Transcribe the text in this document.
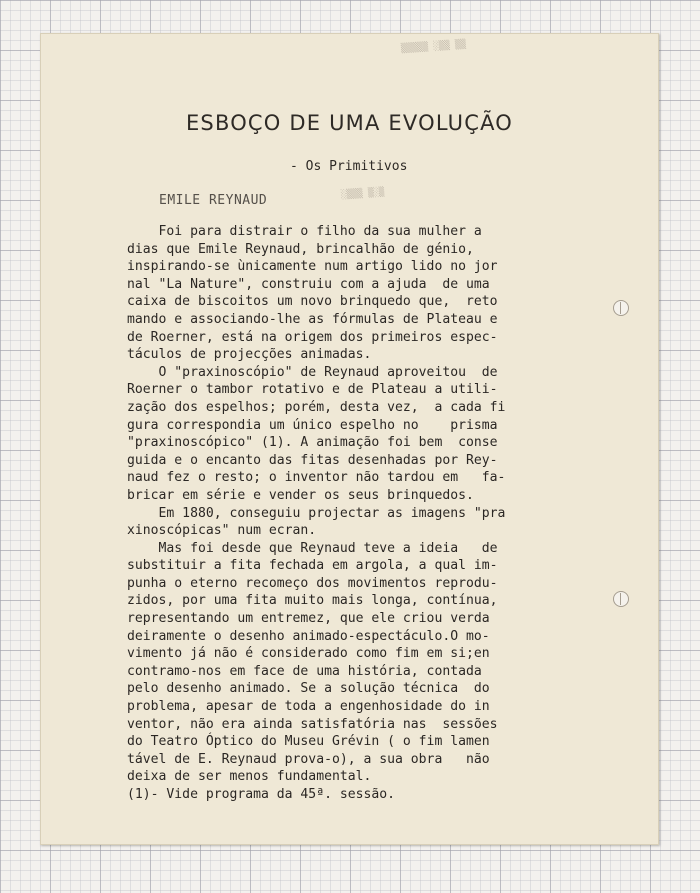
▒▒▒▒▒ ░▒▒ ▒▒
░▒▒▒ ▒░▒
ESBOÇO DE UMA EVOLUÇÃO
- Os Primitivos
EMILE REYNAUD
Foi para distrair o filho da sua mulher a
dias que Emile Reynaud, brincalhão de génio,
inspirando-se ùnicamente num artigo lido no jor
nal "La Nature", construiu com a ajuda  de uma
caixa de biscoitos um novo brinquedo que,  reto
mando e associando-lhe as fórmulas de Plateau e
de Roerner, está na origem dos primeiros espec-
táculos de projecções animadas.
O "praxinoscópio" de Reynaud aproveitou  de
Roerner o tambor rotativo e de Plateau a utili-
zação dos espelhos; porém, desta vez,  a cada fi
gura correspondia um único espelho no    prisma
"praxinoscópico" (1). A animação foi bem  conse
guida e o encanto das fitas desenhadas por Rey-
naud fez o resto; o inventor não tardou em   fa-
bricar em série e vender os seus brinquedos.
Em 1880, conseguiu projectar as imagens "pra
xinoscópicas" num ecran.
Mas foi desde que Reynaud teve a ideia   de
substituir a fita fechada em argola, a qual im-
punha o eterno recomeço dos movimentos reprodu-
zidos, por uma fita muito mais longa, contínua,
representando um entremez, que ele criou verda
deiramente o desenho animado-espectáculo.O mo-
vimento já não é considerado como fim em si;en
contramo-nos em face de uma história, contada
pelo desenho animado. Se a solução técnica  do
problema, apesar de toda a engenhosidade do in
ventor, não era ainda satisfatória nas  sessões
do Teatro Óptico do Museu Grévin ( o fim lamen
tável de E. Reynaud prova-o), a sua obra   não
deixa de ser menos fundamental.
(1)- Vide programa da 45ª. sessão.
